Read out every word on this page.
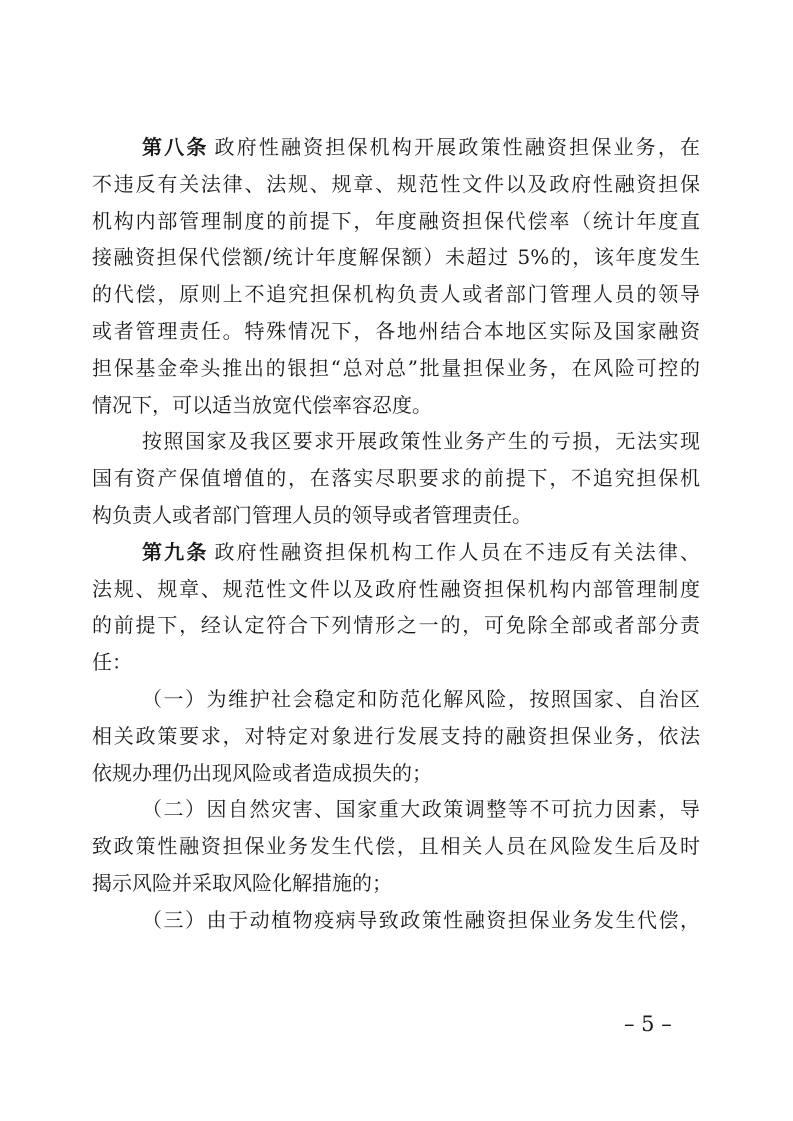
第八条 政府性融资担保机构开展政策性融资担保业务，在
不违反有关法律、法规、规章、规范性文件以及政府性融资担保
机构内部管理制度的前提下，年度融资担保代偿率（统计年度直
接融资担保代偿额/统计年度解保额）未超过 5%的，该年度发生
的代偿，原则上不追究担保机构负责人或者部门管理人员的领导
或者管理责任。特殊情况下，各地州结合本地区实际及国家融资
担保基金牵头推出的银担“总对总”批量担保业务，在风险可控的
情况下，可以适当放宽代偿率容忍度。
按照国家及我区要求开展政策性业务产生的亏损，无法实现
国有资产保值增值的，在落实尽职要求的前提下，不追究担保机
构负责人或者部门管理人员的领导或者管理责任。
第九条 政府性融资担保机构工作人员在不违反有关法律、
法规、规章、规范性文件以及政府性融资担保机构内部管理制度
的前提下，经认定符合下列情形之一的，可免除全部或者部分责
任：
（一）为维护社会稳定和防范化解风险，按照国家、自治区
相关政策要求，对特定对象进行发展支持的融资担保业务，依法
依规办理仍出现风险或者造成损失的；
（二）因自然灾害、国家重大政策调整等不可抗力因素，导
致政策性融资担保业务发生代偿，且相关人员在风险发生后及时
揭示风险并采取风险化解措施的；
（三）由于动植物疫病导致政策性融资担保业务发生代偿，
– 5 –
